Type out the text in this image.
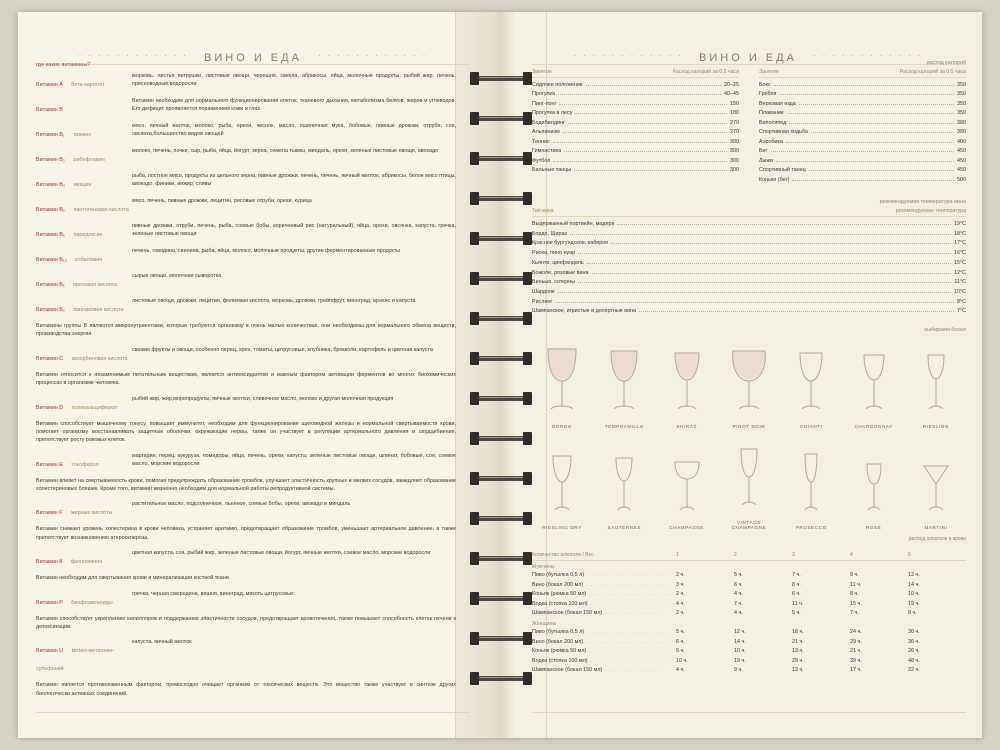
· · · · · · · · · · · · ВИНО И ЕДА · · · · · · · · · · · ·
где какие витамины?
Витамин А бета-каротин
морковь, листья петрушки, листовые овощи, черешня, свекла, абрикосы, яйца, молочные продукты, рыбий жир, печень, пресноводные водоросли
Витамин В
Витамин необходим для нормального функционирования клеток, тканевого дыхания, метаболизма белков, жиров и углеводов. Его дефицит проявляется поражением кожи и глаз.
Витамин В₁ тиамин
мясо, яичный желток, молоко, рыба, орехи, чеснок, масло, пшеничная мука, бобовые, пивные дрожжи, отруби, соя, овсянка,большинство видов овощей
Витамин В₂ рибофлавин
молоко, печень, почки, сыр, рыба, яйца, йогурт, зерна, семена тыквы, миндаль, орехи, зеленые листовые овощи, авокадо
Витамин В₃ ниацин
рыба, постное мясо, продукты из цельного зерна, пивные дрожжи, печень, печень, яичный желток, абрикосы, белое мясо птицы, авокадо, финики, инжир, сливы
Витамин В₅ пантотеновая кислота
мясо, печень, пивные дрожжи, лецитин, рисовые отруби, орехи, курица
Витамин В₆ пиридоксин
пивные дрожжи, отруби, печень, рыба, соевые бобы, коричневый рис (натуральный), яйца, орехи, овсянка, капуста, гречка, зеленые листовые овощи
Витамин В₁₂ кобаламин
печень, говядина, свинина, рыба, яйца, молоко, молочные продукты, другие ферментированные продукты
Витамин Вₓ оротовая кислота
сырые овощи, молочная сыворотка
Витамин Вₛ пангамовая кислота
листовые овощи, дрожжи, лецитин, фолиевая кислота, морковь, дрожжи, грейпфрут, виноград, арахис и капуста
Витамины группы В являются микронутриентами, которые требуются организму в очень малых количествах, они необходимы для нормального обмена веществ, производства энергии.
Витамин С аскорбиновая кислота
свежие фрукты и овощи, особенно перец, хрен, томаты, цитрусовые, клубника, брокколи, картофель и цветная капуста
Витамин относится к незаменимым питательным веществам, является антиоксидантом и важным фактором активации ферментов во многих биохимических процессах в организме человека.
Витамин D холекальциферол
рыбий жир, жир,морепродукты, яичные желтки, сливочное масло, молоко и другая молочная продукция
Витамин способствует мышечному тонусу, повышает иммунитет, необходим для функционирования щитовидной железы и нормальной свертываемости крови, помогает организму восстанавливать защитные оболочки, окружающие нервы, также он участвует в регуляции артериального давления и сердцебиения, препятствует росту раковых клеток.
Витамин Е токоферол
маргарин, перец, кукуруза, помидоры, яйца, печень, орехи, капуста, зеленые листовые овощи, шпинат, бобовые, соя, соевое масло, морские водоросли
Витамин влияет на свертываемость крови, помогая предупреждать образование тромбов, улучшает эластичность крупных и мелких сосудов, замедляет образование холестериновых бляшек. Кроме того, витамин жизненно необходим для нормальной работы репродуктивной системы.
Витамин F жирные кислоты
растительное масло, подсолнечное, льняное, соевые бобы, орехи, авокадо и миндаль
Витамин снижает уровень холестерина в крови человека, устраняет аритмию, предотвращает образование тромбов, уменьшает артериальное давление, а также препятствует возникновению атеросклероза.
Витамин К филлохинон
цветная капуста, соя, рыбий жир, зеленые листовые овощи, йогурт, яичные желтки, соевое масло, морские водоросли
Витамин необходим для свертывания крови и минерализации костной ткани.
Витамин Р биофлавоноиды
гречка, черная смородина, вишня, виноград, мякоть цитрусовых
Витамин способствует укреплению капилляров и поддержанию эластичности сосудов, предотвращает кровотечения, также повышает способность клеток печени к детоксикации.
Витамин U метил-метионин-сульфоний
капуста, яичный желток
Витамин является противоязвенным фактором, превосходно очищает организм от токсических веществ. Это вещество также участвует в синтезе других биологически активных соединений.
· · · · · · · · · · · · ВИНО И ЕДА · · · · · · · · · · · ·
расход калорий
Занятие	Расход калорий за 0,5 часа
Сидячее положение	20–25
Прогулка	40–45
Пинг-понг	150
Прогулка в лесу	180
Бодибилдинг	270
Альпинизм	270
Теннис	300
Гимнастика	300
Футбол	300
Бальные танцы	300
Занятие	Расход калорий за 0,5 часа
Бокс	350
Гребля	350
Верховая езда	350
Плавание	350
Велосипед	380
Спортивная ходьба	380
Аэробика	400
Бег	450
Лыжи	450
Спортивный танец	450
Коньки (бег)	500
рекомендуемая температура вина
Тип вина	рекомендуемая температура
Выдержанный портвейн, мадера	19°C
Бордо, Шираз	18°C
Красное бургундское, каберне	17°C
Риоха, пино нуар	16°C
Кьянти, цинфандель	15°C
Божоле, розовые вина	12°C
Виньью, сотерны	11°C
Шардоне	10°C
Рислинг	8°C
Шампанское, игристые и десертные вина	7°C
выбираем бокал
BORDO	TEMPRANILLO	SHIRAZ	PINOT NOIR	CHIANTI	CHARDONNAY	RIESLING
RIESLING DRY	SAUTERNES	CHAMPAGNE
VINTAGE CHAMPAGNE	PROSECCO	ROSE	MARTINI
распад алкоголя в крови
Количество алкоголя / Вес	1	2	3	4	5
Мужчины
Пиво (бутылка 0,5 л) . . . . . . . . . . . . . . . . .	2 ч.	5 ч.	7 ч.	9 ч.	12 ч.
Вино (бокал 200 мл) . . . . . . . . . . . . . . . . .	3 ч.	6 ч.	8 ч.	11 ч.	14 ч.
Коньяк (рюмка 50 мл) . . . . . . . . . . . . . . . . . 2 ч.	4 ч.	6 ч.	8 ч.	10 ч.
Водка (стопка 100 мл) . . . . . . . . . . . . . . . .	4 ч.	7 ч.	11 ч.	15 ч.	19 ч.
Шампанское (бокал 150 мл) . . . . . . . . . . . .	2 ч.	4 ч.	5 ч.	7 ч.	9 ч.
Женщины
Пиво (бутылка 0,5 л) . . . . . . . . . . . . . . . . .	5 ч.	12 ч.	18 ч.	24 ч.	30 ч.
Вино (бокал 200 мл) . . . . . . . . . . . . . . . . .	6 ч.	14 ч.	21 ч.	29 ч.	36 ч.
Коньяк (рюмка 50 мл) . . . . . . . . . . . . . . . . . 5 ч.	10 ч.	13 ч.	21 ч.	26 ч.
Водка (стопка 100 мл) . . . . . . . . . . . . . . . .	10 ч.	19 ч.	29 ч.	39 ч.	48 ч.
Шампанское (бокал 150 мл) . . . . . . . . . . . .	4 ч.	9 ч.	13 ч.	17 ч.	22 ч.
